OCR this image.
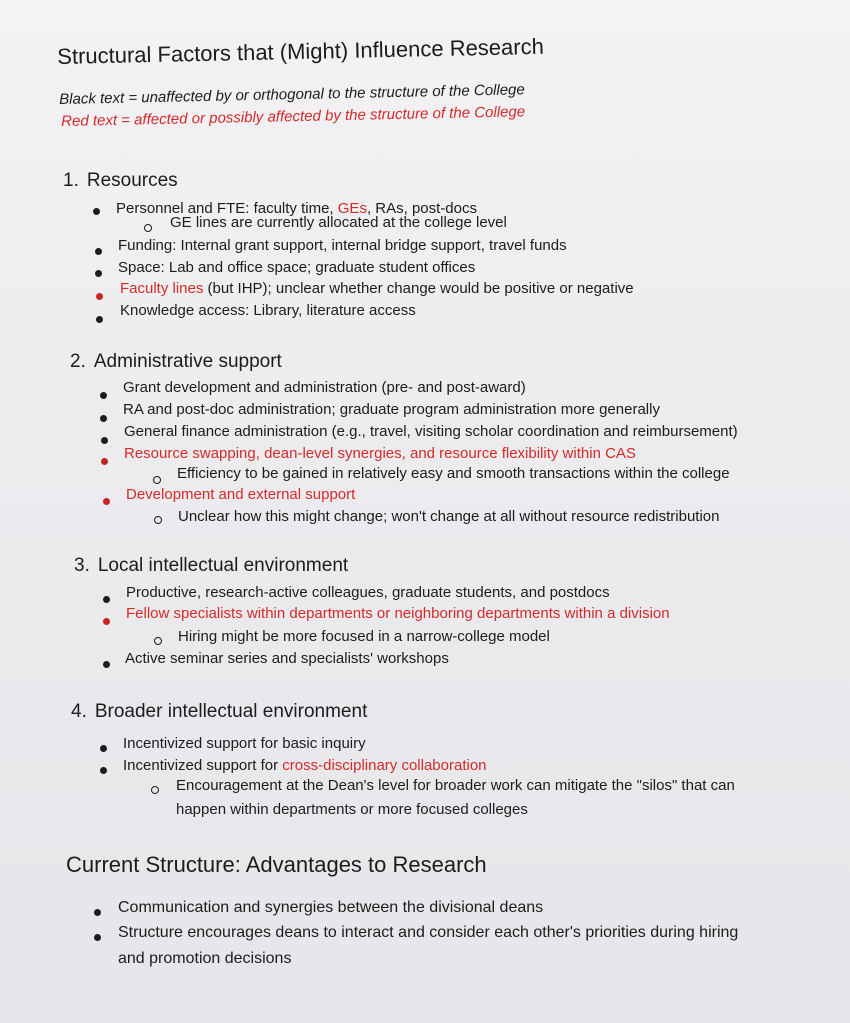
Structural Factors that (Might) Influence Research
Black text = unaffected by or orthogonal to the structure of the College
Red text = affected or possibly affected by the structure of the College
1. Resources
Personnel and FTE: faculty time, GEs, RAs, post-docs
GE lines are currently allocated at the college level
Funding: Internal grant support, internal bridge support, travel funds
Space: Lab and office space; graduate student offices
Faculty lines (but IHP); unclear whether change would be positive or negative
Knowledge access: Library, literature access
2. Administrative support
Grant development and administration (pre- and post-award)
RA and post-doc administration; graduate program administration more generally
General finance administration (e.g., travel, visiting scholar coordination and reimbursement)
Resource swapping, dean-level synergies, and resource flexibility within CAS
Efficiency to be gained in relatively easy and smooth transactions within the college
Development and external support
Unclear how this might change; won't change at all without resource redistribution
3. Local intellectual environment
Productive, research-active colleagues, graduate students, and postdocs
Fellow specialists within departments or neighboring departments within a division
Hiring might be more focused in a narrow-college model
Active seminar series and specialists' workshops
4. Broader intellectual environment
Incentivized support for basic inquiry
Incentivized support for cross-disciplinary collaboration
Encouragement at the Dean's level for broader work can mitigate the "silos" that can
happen within departments or more focused colleges
Current Structure: Advantages to Research
Communication and synergies between the divisional deans
Structure encourages deans to interact and consider each other's priorities during hiring
and promotion decisions
